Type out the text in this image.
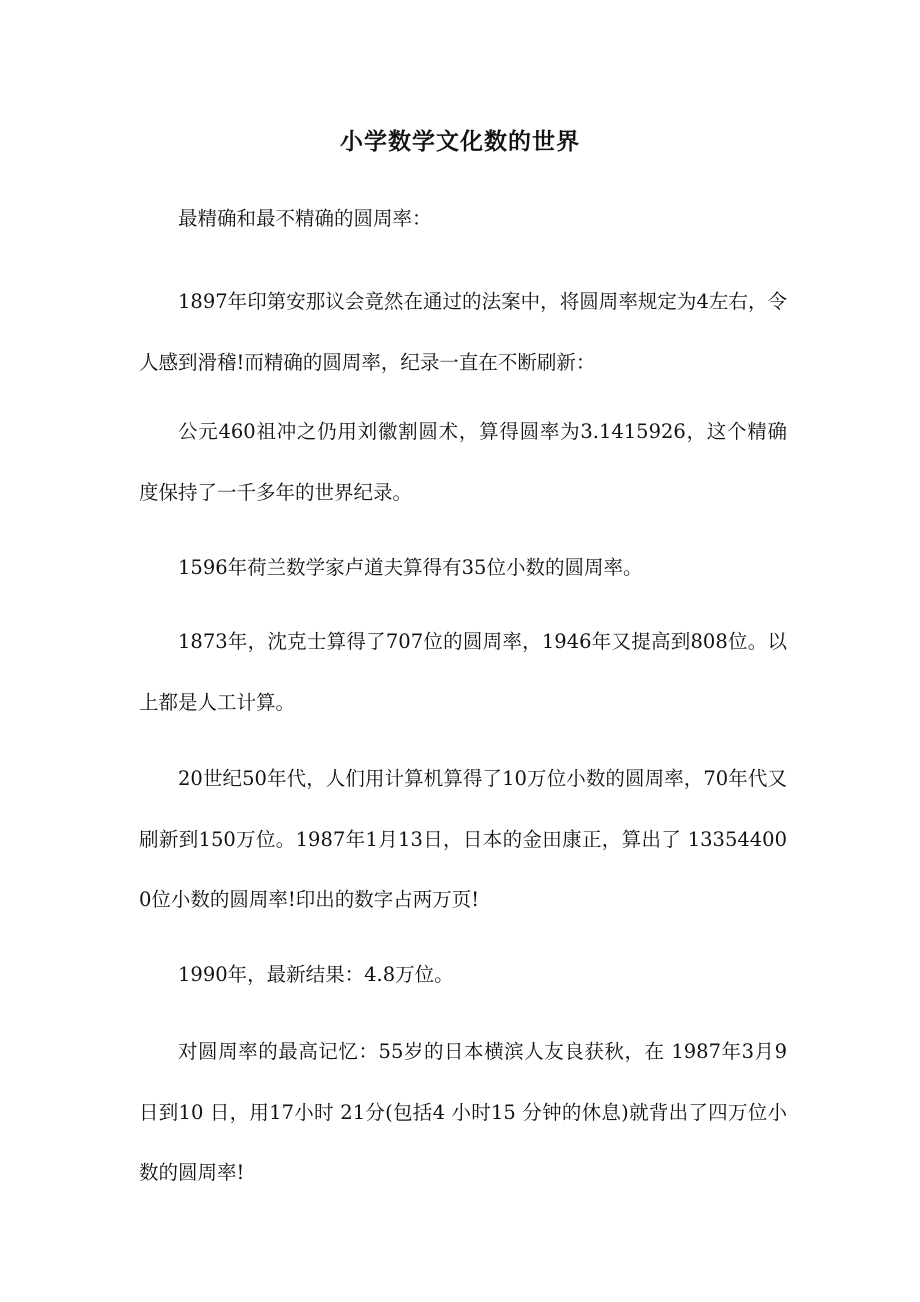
小学数学文化数的世界

最精确和最不精确的圆周率：

1897年印第安那议会竟然在通过的法案中，将圆周率规定为4左右，令人感到滑稽!而精确的圆周率，纪录一直在不断刷新：

公元460祖冲之仍用刘徽割圆术，算得圆率为3.1415926，这个精确度保持了一千多年的世界纪录。

1596年荷兰数学家卢道夫算得有35位小数的圆周率。

1873年，沈克士算得了707位的圆周率，1946年又提高到808位。以上都是人工计算。

20世纪50年代，人们用计算机算得了10万位小数的圆周率，70年代又刷新到150万位。1987年1月13日，日本的金田康正，算出了 133544000位小数的圆周率!印出的数字占两万页!

1990年，最新结果：4.8万位。

对圆周率的最高记忆：55岁的日本横滨人友良获秋，在 1987年3月9日到10 日，用17小时 21分(包括4 小时15 分钟的休息)就背出了四万位小数的圆周率!
